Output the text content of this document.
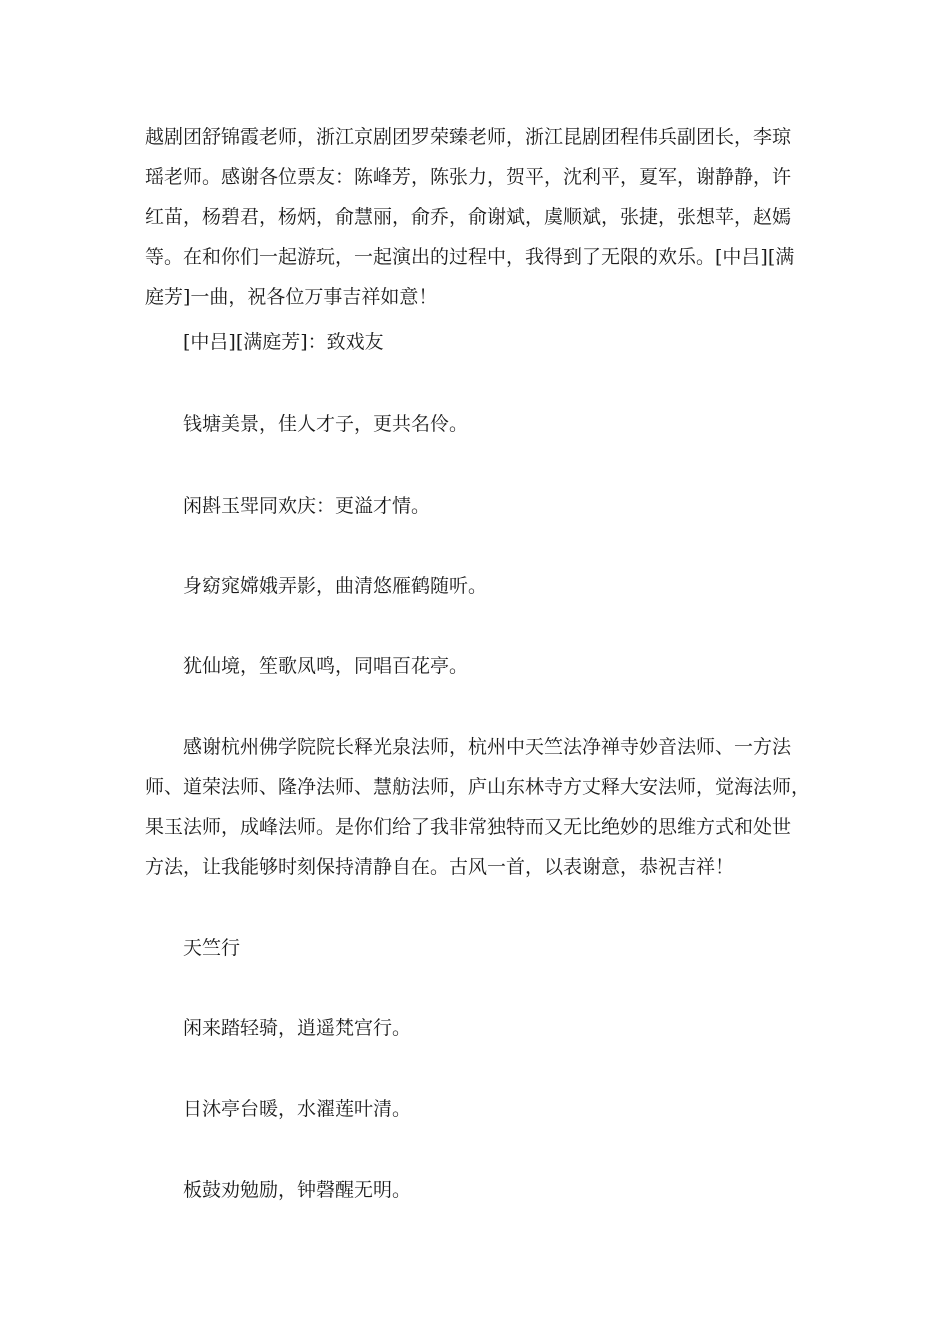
越剧团舒锦霞老师，浙江京剧团罗荣臻老师，浙江昆剧团程伟兵副团长，李琼
瑶老师。感谢各位票友：陈峰芳，陈张力，贺平，沈利平，夏军，谢静静，许
红苗，杨碧君，杨炳，俞慧丽，俞乔，俞谢斌，虞顺斌，张捷，张想苹，赵嫣
等。在和你们一起游玩，一起演出的过程中，我得到了无限的欢乐。[中吕][满
庭芳]一曲，祝各位万事吉祥如意！
[中吕][满庭芳]：致戏友
钱塘美景，佳人才子，更共名伶。
闲斟玉斝同欢庆：更溢才情。
身窈窕嫦娥弄影，曲清悠雁鹤随听。
犹仙境，笙歌凤鸣，同唱百花亭。
感谢杭州佛学院院长释光泉法师，杭州中天竺法净禅寺妙音法师、一方法
师、道荣法师、隆净法师、慧舫法师，庐山东林寺方丈释大安法师，觉海法师，
果玉法师，成峰法师。是你们给了我非常独特而又无比绝妙的思维方式和处世
方法，让我能够时刻保持清静自在。古风一首，以表谢意，恭祝吉祥！
天竺行
闲来踏轻骑，逍遥梵宫行。
日沐亭台暖，水濯莲叶清。
板鼓劝勉励，钟磬醒无明。
